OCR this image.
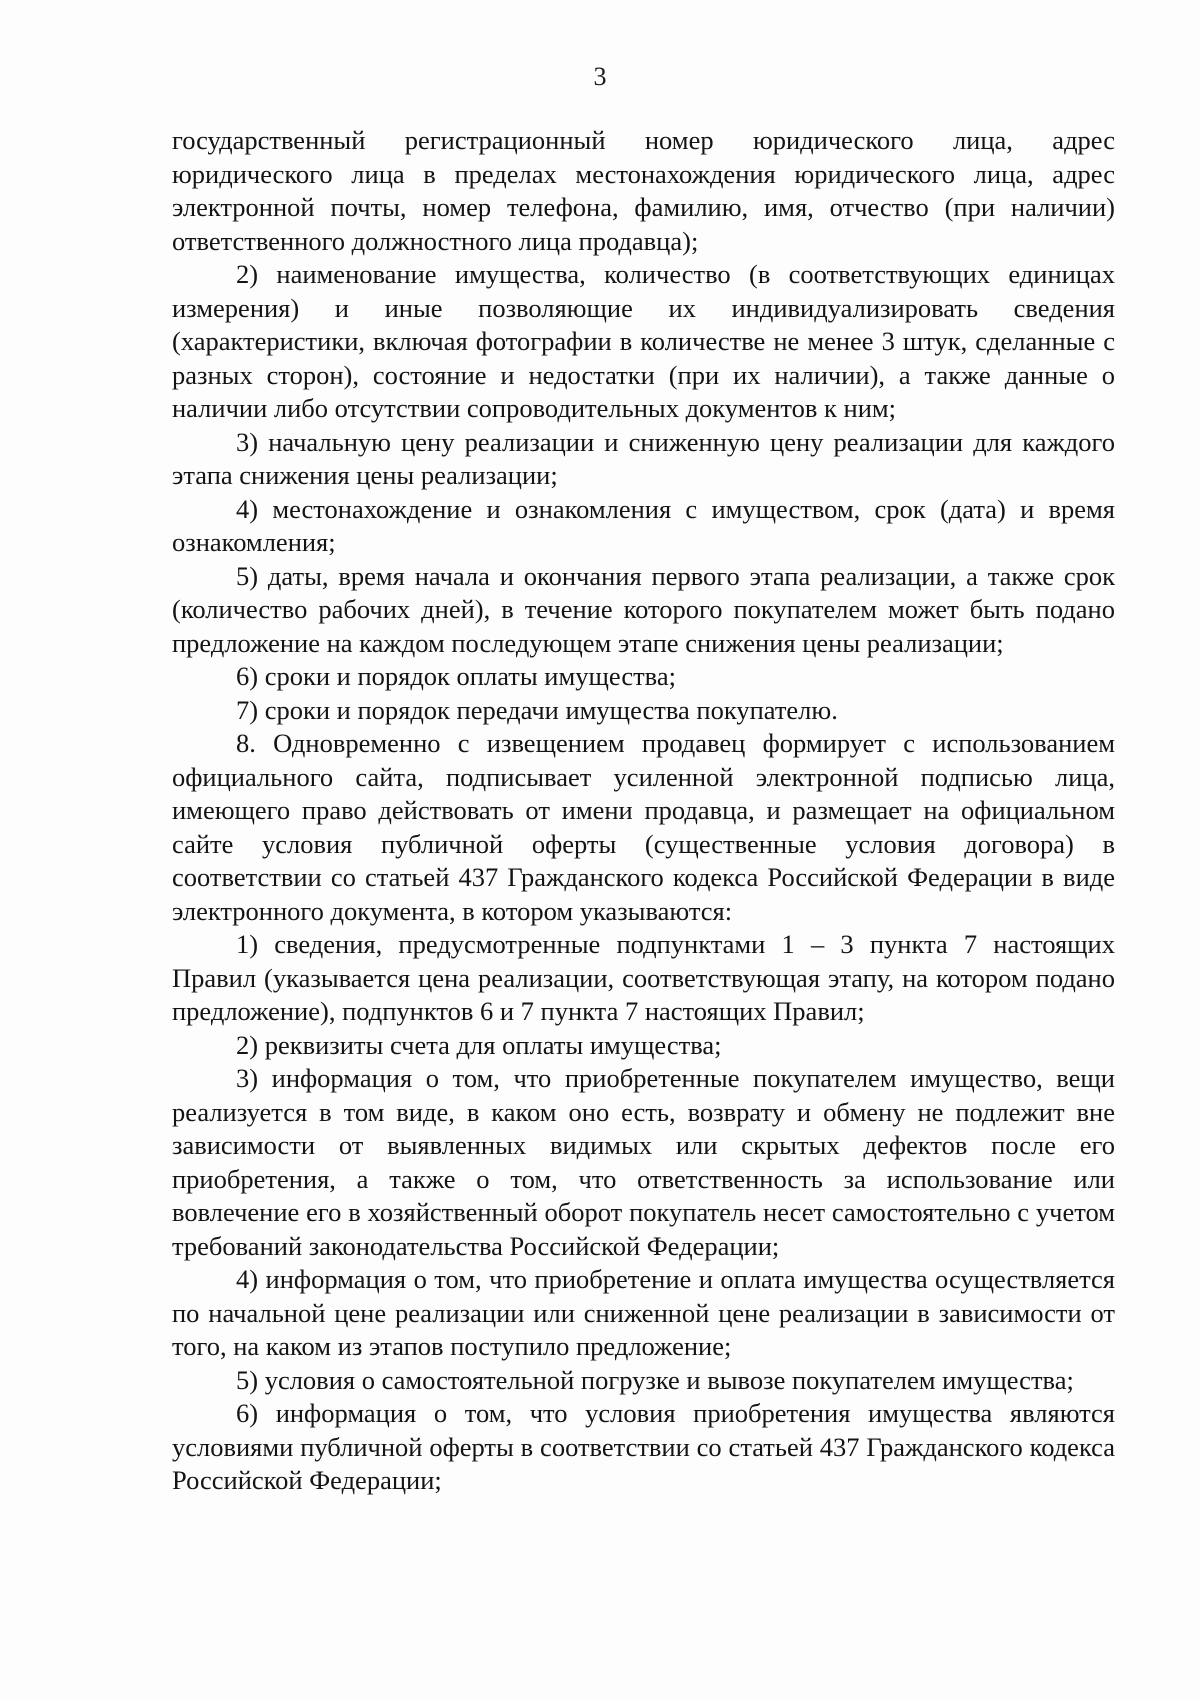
3

государственный регистрационный номер юридического лица, адрес юридического лица в пределах местонахождения юридического лица, адрес электронной почты, номер телефона, фамилию, имя, отчество (при наличии) ответственного должностного лица продавца);

2) наименование имущества, количество (в соответствующих единицах измерения) и иные позволяющие их индивидуализировать сведения (характеристики, включая фотографии в количестве не менее 3 штук, сделанные с разных сторон), состояние и недостатки (при их наличии), а также данные о наличии либо отсутствии сопроводительных документов к ним;

3) начальную цену реализации и сниженную цену реализации для каждого этапа снижения цены реализации;

4) местонахождение и ознакомления с имуществом, срок (дата) и время ознакомления;

5) даты, время начала и окончания первого этапа реализации, а также срок (количество рабочих дней), в течение которого покупателем может быть подано предложение на каждом последующем этапе снижения цены реализации;

6) сроки и порядок оплаты имущества;

7) сроки и порядок передачи имущества покупателю.

8. Одновременно с извещением продавец формирует с использованием официального сайта, подписывает усиленной электронной подписью лица, имеющего право действовать от имени продавца, и размещает на официальном сайте условия публичной оферты (существенные условия договора) в соответствии со статьей 437 Гражданского кодекса Российской Федерации в виде электронного документа, в котором указываются:

1) сведения, предусмотренные подпунктами 1 – 3 пункта 7 настоящих Правил (указывается цена реализации, соответствующая этапу, на котором подано предложение), подпунктов 6 и 7 пункта 7 настоящих Правил;

2) реквизиты счета для оплаты имущества;

3) информация о том, что приобретенные покупателем имущество, вещи реализуется в том виде, в каком оно есть, возврату и обмену не подлежит вне зависимости от выявленных видимых или скрытых дефектов после его приобретения, а также о том, что ответственность за использование или вовлечение его в хозяйственный оборот покупатель несет самостоятельно с учетом требований законодательства Российской Федерации;

4) информация о том, что приобретение и оплата имущества осуществляется по начальной цене реализации или сниженной цене реализации в зависимости от того, на каком из этапов поступило предложение;

5) условия о самостоятельной погрузке и вывозе покупателем имущества;

6) информация о том, что условия приобретения имущества являются условиями публичной оферты в соответствии со статьей 437 Гражданского кодекса Российской Федерации;
